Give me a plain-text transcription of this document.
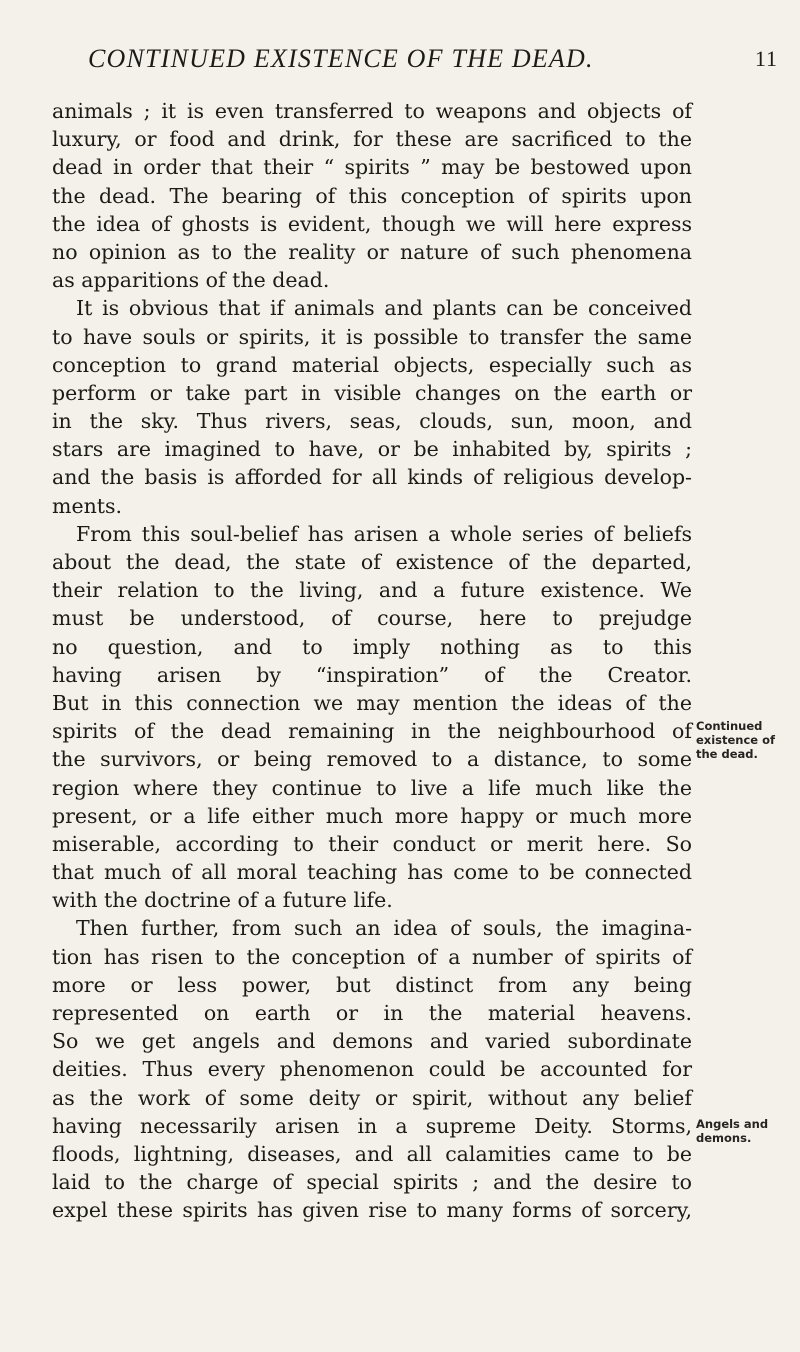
CONTINUED EXISTENCE OF THE DEAD.	11
animals ; it is even transferred to weapons and objects of
luxury, or food and drink, for these are sacrificed to the
dead in order that their “ spirits ” may be bestowed upon
the dead. The bearing of this conception of spirits upon
the idea of ghosts is evident, though we will here express
no opinion as to the reality or nature of such phenomena
as apparitions of the dead.
It is obvious that if animals and plants can be conceived
to have souls or spirits, it is possible to transfer the same
conception to grand material objects, especially such as
perform or take part in visible changes on the earth or
in the sky. Thus rivers, seas, clouds, sun, moon, and
stars are imagined to have, or be inhabited by, spirits ;
and the basis is afforded for all kinds of religious develop-
ments.
From this soul-belief has arisen a whole series of beliefs
about the dead, the state of existence of the departed,
their relation to the living, and a future existence. We
must be understood, of course, here to prejudge
no question, and to imply nothing as to this
having arisen by “inspiration” of the Creator.
But in this connection we may mention the ideas of the
spirits of the dead remaining in the neighbourhood of
the survivors, or being removed to a distance, to some
region where they continue to live a life much like the
present, or a life either much more happy or much more
miserable, according to their conduct or merit here. So
that much of all moral teaching has come to be connected
with the doctrine of a future life.
Then further, from such an idea of souls, the imagina-
tion has risen to the conception of a number of spirits of
more or less power, but distinct from any being
represented on earth or in the material heavens.
So we get angels and demons and varied subordinate
deities. Thus every phenomenon could be accounted for
as the work of some deity or spirit, without any belief
having necessarily arisen in a supreme Deity. Storms,
floods, lightning, diseases, and all calamities came to be
laid to the charge of special spirits ; and the desire to
expel these spirits has given rise to many forms of sorcery,
Continued
existence of
the dead.
Angels and
demons.
